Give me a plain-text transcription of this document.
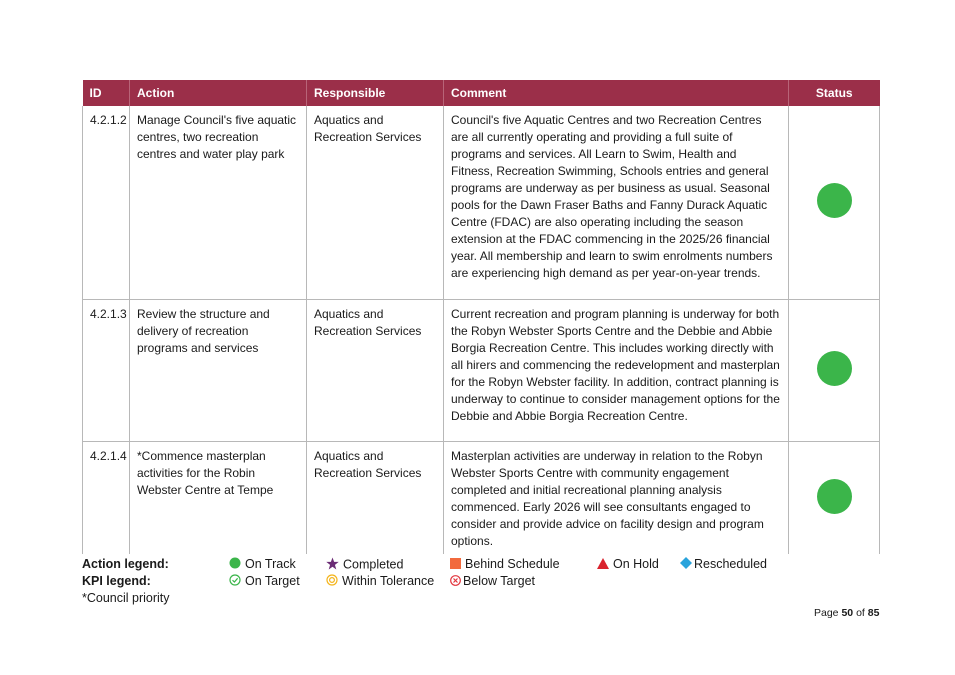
ID	Action	Responsible	Comment	Status
4.2.1.2	Manage Council's five aquatic centres, two recreation centres and water play park	Aquatics and Recreation Services	Council's five Aquatic Centres and two Recreation Centres are all currently operating and providing a full suite of programs and services. All Learn to Swim, Health and Fitness, Recreation Swimming, Schools entries and general programs are underway as per business as usual. Seasonal pools for the Dawn Fraser Baths and Fanny Durack Aquatic Centre (FDAC) are also operating including the season extension at the FDAC commencing in the 2025/26 financial year. All membership and learn to swim enrolments numbers are experiencing high demand as per year-on-year trends.	
4.2.1.3	Review the structure and delivery of recreation programs and services	Aquatics and Recreation Services	Current recreation and program planning is underway for both the Robyn Webster Sports Centre and the Debbie and Abbie Borgia Recreation Centre. This includes working directly with all hirers and commencing the redevelopment and masterplan for the Robyn Webster facility. In addition, contract planning is underway to continue to consider management options for the Debbie and Abbie Borgia Recreation Centre.	
4.2.1.4	*Commence masterplan activities for the Robin Webster Centre at Tempe	Aquatics and Recreation Services	Masterplan activities are underway in relation to the Robyn Webster Sports Centre with community engagement completed and initial recreational planning analysis commenced. Early 2026 will see consultants engaged to consider and provide advice on facility design and program options.	
Action legend:
KPI legend:
*Council priority
On Track	Completed	Behind Schedule	On Hold	Rescheduled
On Target	Within Tolerance	Below Target
Page 50 of 85
